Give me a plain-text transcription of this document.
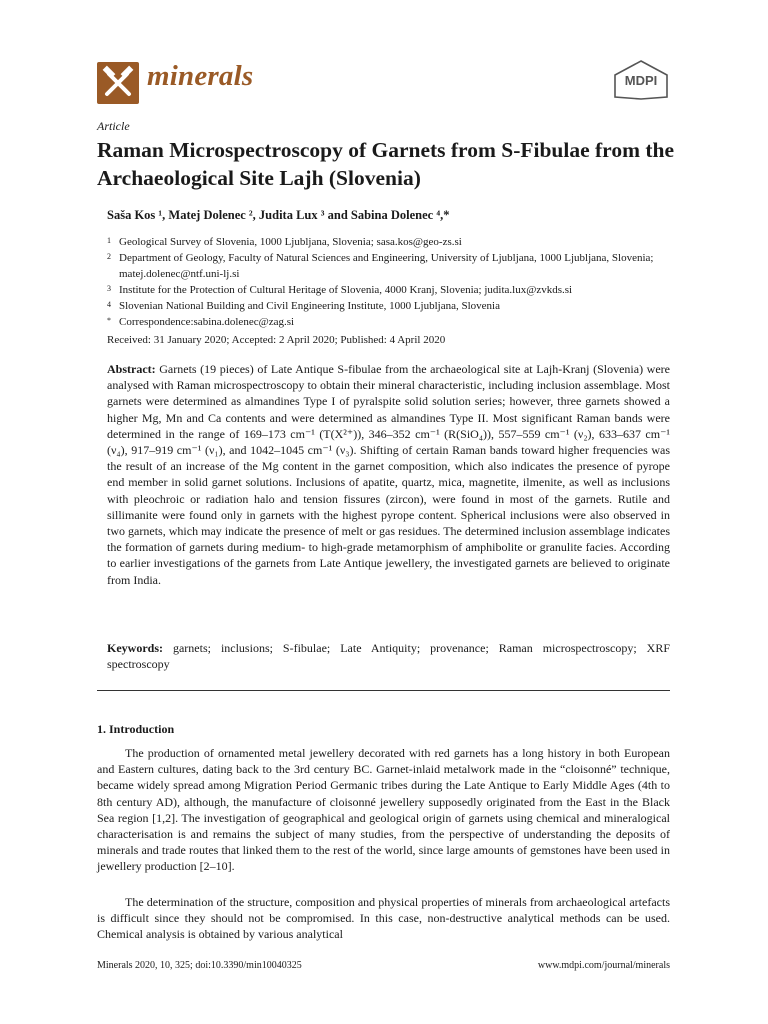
minerals	MDPI
Article
Raman Microspectroscopy of Garnets from S-Fibulae from the Archaeological Site Lajh (Slovenia)
Saša Kos ¹, Matej Dolenec ², Judita Lux ³ and Sabina Dolenec ⁴,*
1 Geological Survey of Slovenia, 1000 Ljubljana, Slovenia; sasa.kos@geo-zs.si
2 Department of Geology, Faculty of Natural Sciences and Engineering, University of Ljubljana, 1000 Ljubljana, Slovenia; matej.dolenec@ntf.uni-lj.si
3 Institute for the Protection of Cultural Heritage of Slovenia, 4000 Kranj, Slovenia; judita.lux@zvkds.si
4 Slovenian National Building and Civil Engineering Institute, 1000 Ljubljana, Slovenia
* Correspondence:sabina.dolenec@zag.si
Received: 31 January 2020; Accepted: 2 April 2020; Published: 4 April 2020
Abstract: Garnets (19 pieces) of Late Antique S-fibulae from the archaeological site at Lajh-Kranj (Slovenia) were analysed with Raman microspectroscopy to obtain their mineral characteristic, including inclusion assemblage. Most garnets were determined as almandines Type I of pyralspite solid solution series; however, three garnets showed a higher Mg, Mn and Ca contents and were determined as almandines Type II. Most significant Raman bands were determined in the range of 169–173 cm⁻¹ (T(X²⁺)), 346–352 cm⁻¹ (R(SiO₄)), 557–559 cm⁻¹ (ν₂), 633–637 cm⁻¹ (ν₄), 917–919 cm⁻¹ (ν₁), and 1042–1045 cm⁻¹ (ν₃). Shifting of certain Raman bands toward higher frequencies was the result of an increase of the Mg content in the garnet composition, which also indicates the presence of pyrope end member in solid garnet solutions. Inclusions of apatite, quartz, mica, magnetite, ilmenite, as well as inclusions with pleochroic or radiation halo and tension fissures (zircon), were found in most of the garnets. Rutile and sillimanite were found only in garnets with the highest pyrope content. Spherical inclusions were also observed in two garnets, which may indicate the presence of melt or gas residues. The determined inclusion assemblage indicates the formation of garnets during medium- to high-grade metamorphism of amphibolite or granulite facies. According to earlier investigations of the garnets from Late Antique jewellery, the investigated garnets are believed to originate from India.
Keywords: garnets; inclusions; S-fibulae; Late Antiquity; provenance; Raman microspectroscopy; XRF spectroscopy
1. Introduction
The production of ornamented metal jewellery decorated with red garnets has a long history in both European and Eastern cultures, dating back to the 3rd century BC. Garnet-inlaid metalwork made in the “cloisonné” technique, became widely spread among Migration Period Germanic tribes during the Late Antique to Early Middle Ages (4th to 8th century AD), although, the manufacture of cloisonné jewellery supposedly originated from the East in the Black Sea region [1,2]. The investigation of geographical and geological origin of garnets using chemical and mineralogical characterisation is and remains the subject of many studies, from the perspective of understanding the deposits of minerals and trade routes that linked them to the rest of the world, since large amounts of gemstones have been used in jewellery production [2–10].
The determination of the structure, composition and physical properties of minerals from archaeological artefacts is difficult since they should not be compromised. In this case, non-destructive analytical methods can be used. Chemical analysis is obtained by various analytical
Minerals 2020, 10, 325; doi:10.3390/min10040325	www.mdpi.com/journal/minerals
